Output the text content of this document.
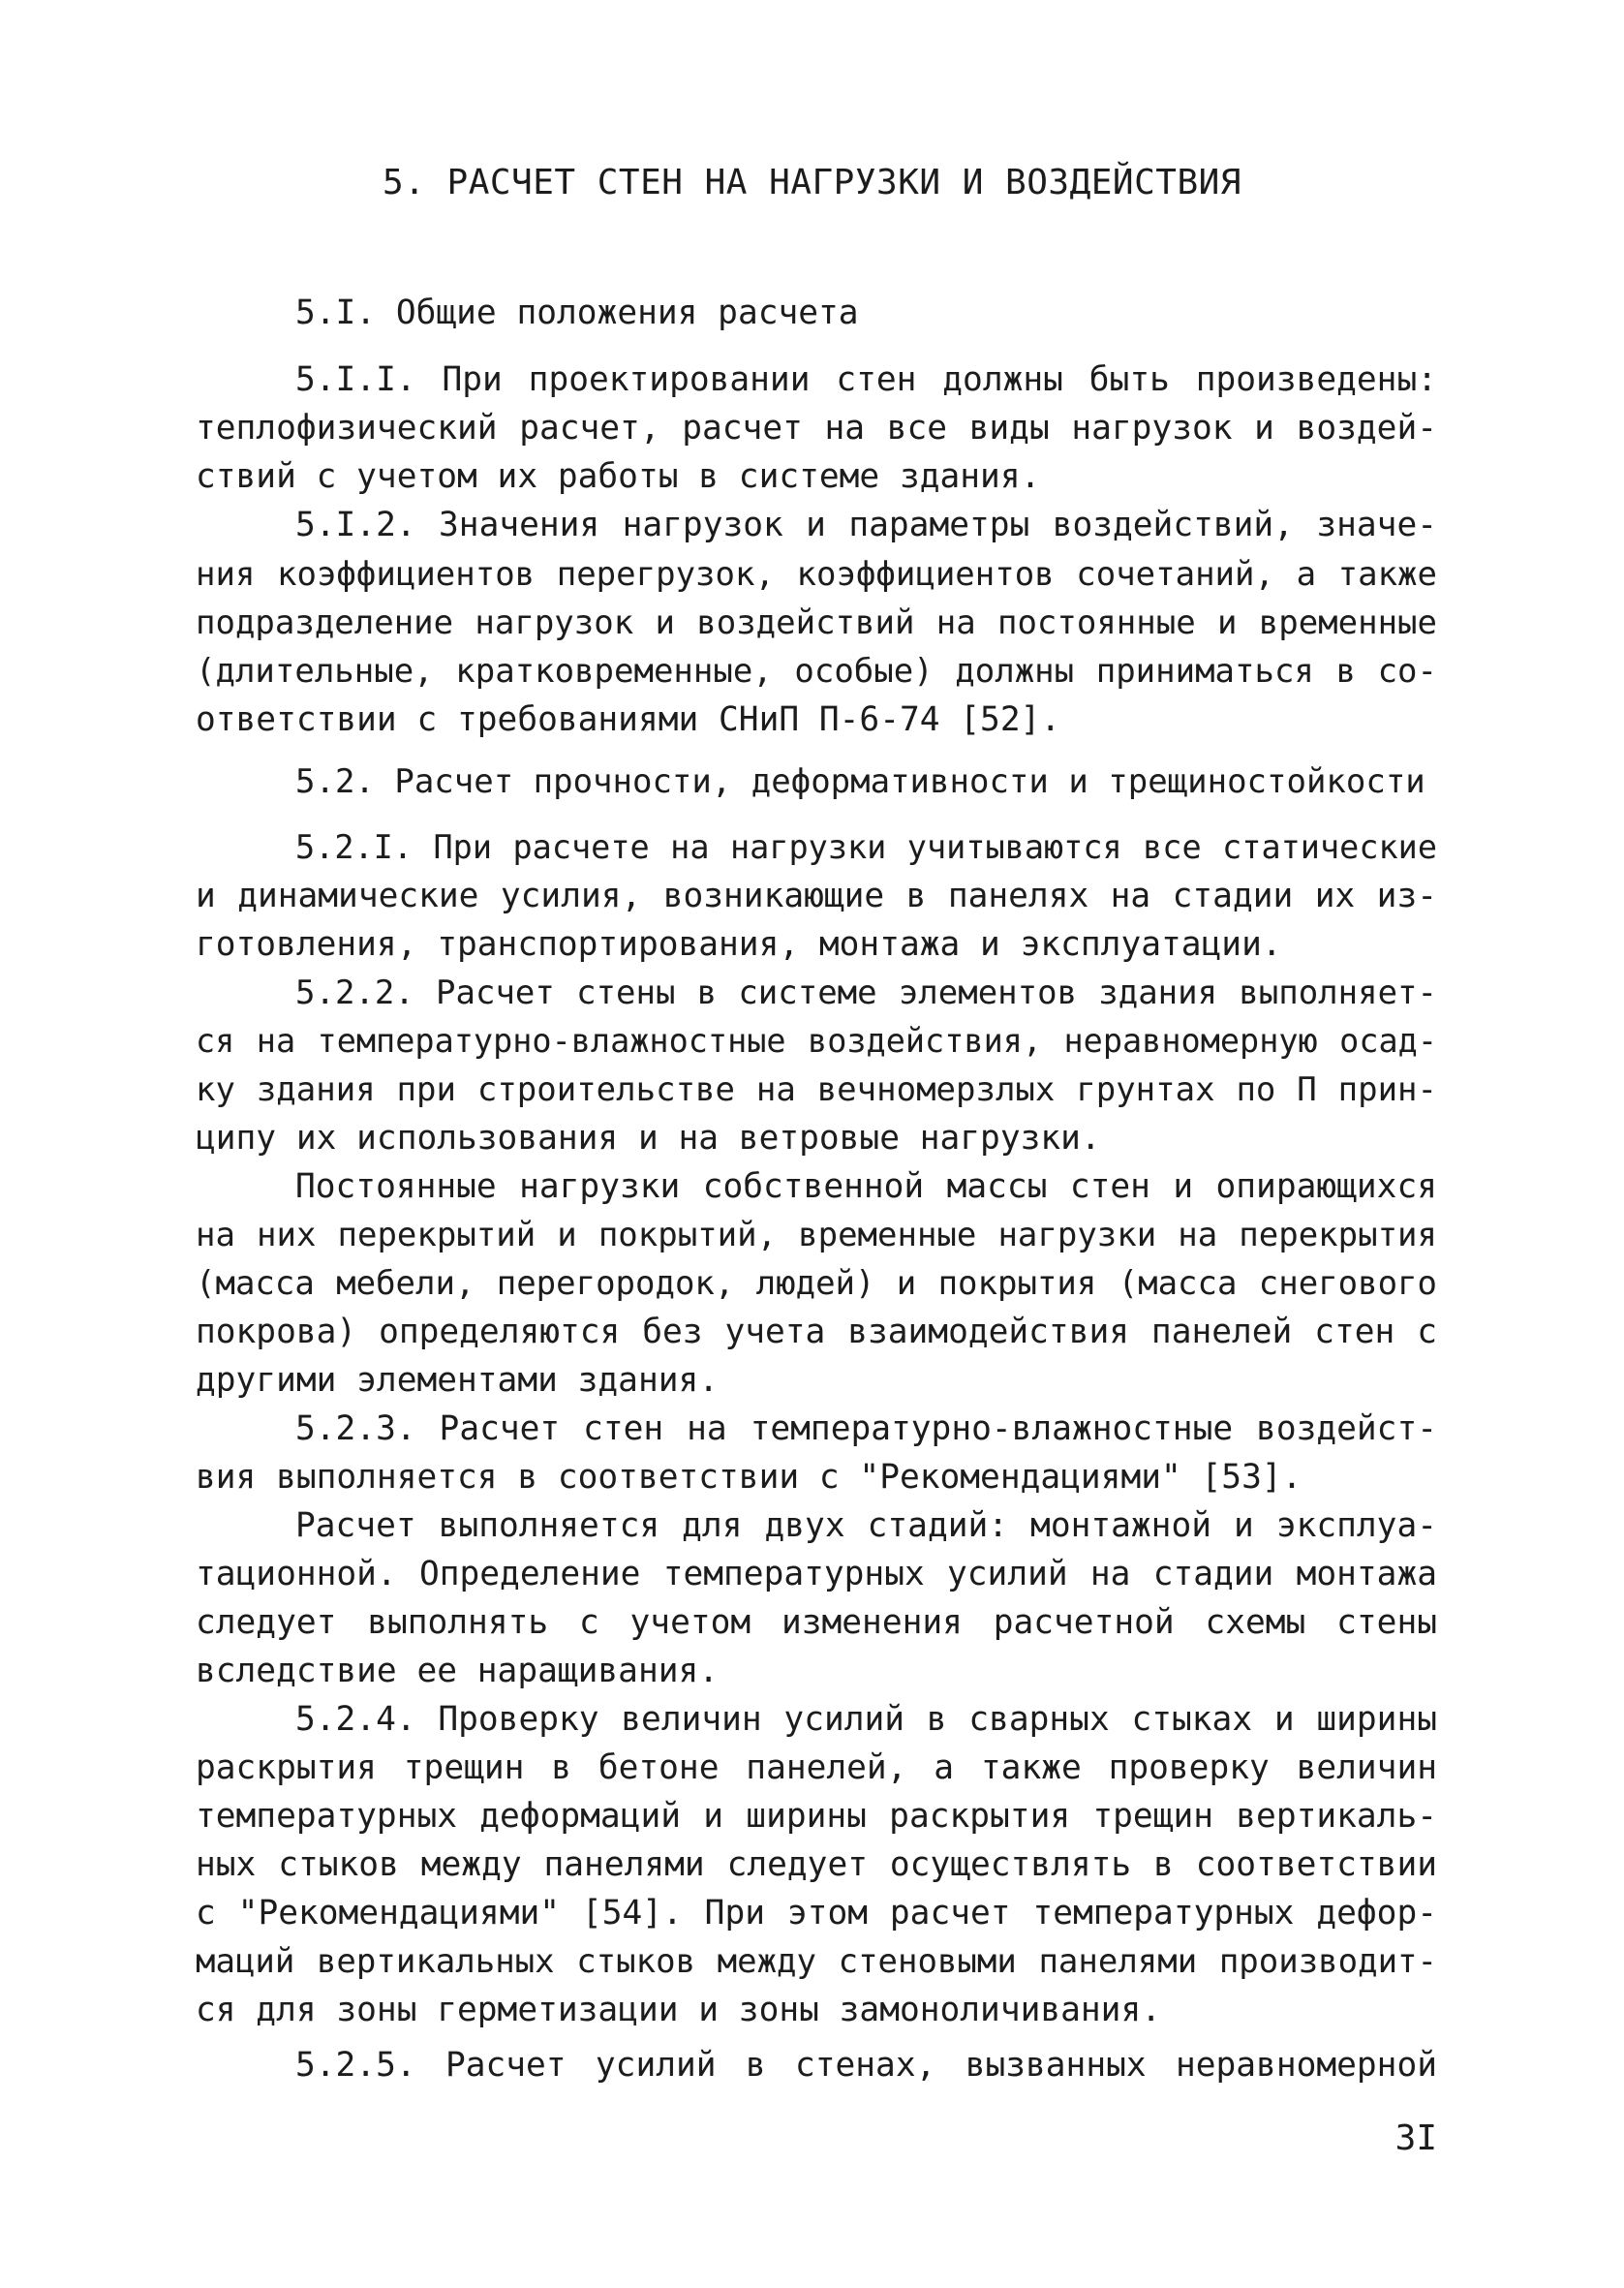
5. РАСЧЕТ СТЕН НА НАГРУЗКИ И ВОЗДЕЙСТВИЯ
5.I. Общие положения расчета
5.I.I. При проектировании стен должны быть произведены:
теплофизический расчет, расчет на все виды нагрузок и воздей-
ствий с учетом их работы в системе здания.
5.I.2. Значения нагрузок и параметры воздействий, значе-
ния коэффициентов перегрузок, коэффициентов сочетаний, а также
подразделение нагрузок и воздействий на постоянные и временные
(длительные, кратковременные, особые) должны приниматься в со-
ответствии с требованиями СНиП П-6-74 [52].
5.2. Расчет прочности, деформативности и трещиностойкости
5.2.I. При расчете на нагрузки учитываются все статические
и динамические усилия, возникающие в панелях на стадии их из-
готовления, транспортирования, монтажа и эксплуатации.
5.2.2. Расчет стены в системе элементов здания выполняет-
ся на температурно-влажностные воздействия, неравномерную осад-
ку здания при строительстве на вечномерзлых грунтах по П прин-
ципу их использования и на ветровые нагрузки.
Постоянные нагрузки собственной массы стен и опирающихся
на них перекрытий и покрытий, временные нагрузки на перекрытия
(масса мебели, перегородок, людей) и покрытия (масса снегового
покрова) определяются без учета взаимодействия панелей стен с
другими элементами здания.
5.2.3. Расчет стен на температурно-влажностные воздейст-
вия выполняется в соответствии с "Рекомендациями" [53].
Расчет выполняется для двух стадий: монтажной и эксплуа-
тационной. Определение температурных усилий на стадии монтажа
следует выполнять с учетом изменения расчетной схемы стены
вследствие ее наращивания.
5.2.4. Проверку величин усилий в сварных стыках и ширины
раскрытия трещин в бетоне панелей, а также проверку величин
температурных деформаций и ширины раскрытия трещин вертикаль-
ных стыков между панелями следует осуществлять в соответствии
с "Рекомендациями" [54]. При этом расчет температурных дефор-
маций вертикальных стыков между стеновыми панелями производит-
ся для зоны герметизации и зоны замоноличивания.
5.2.5. Расчет усилий в стенах, вызванных неравномерной
3I
